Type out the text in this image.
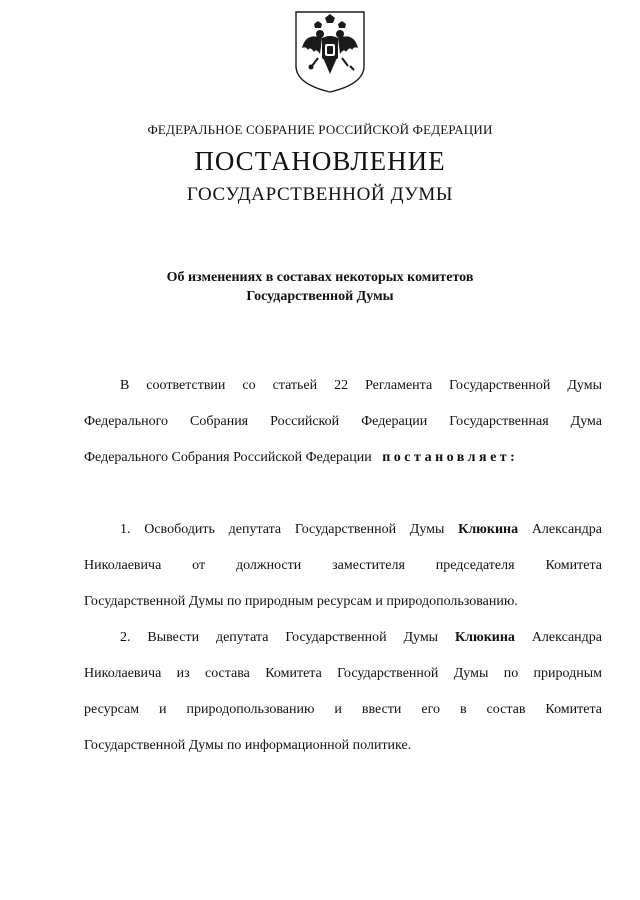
ФЕДЕРАЛЬНОЕ СОБРАНИЕ РОССИЙСКОЙ ФЕДЕРАЦИИ
ПОСТАНОВЛЕНИЕ
ГОСУДАРСТВЕННОЙ ДУМЫ
Об изменениях в составах некоторых комитетов
Государственной Думы
В соответствии со статьей 22 Регламента Государственной Думы
Федерального Собрания Российской Федерации Государственная Дума
Федерального Собрания Российской Федерации постановляет:
1. Освободить депутата Государственной Думы Клюкина Александра
Николаевича от должности заместителя председателя Комитета
Государственной Думы по природным ресурсам и природопользованию.
2. Вывести депутата Государственной Думы Клюкина Александра
Николаевича из состава Комитета Государственной Думы по природным
ресурсам и природопользованию и ввести его в состав Комитета
Государственной Думы по информационной политике.
